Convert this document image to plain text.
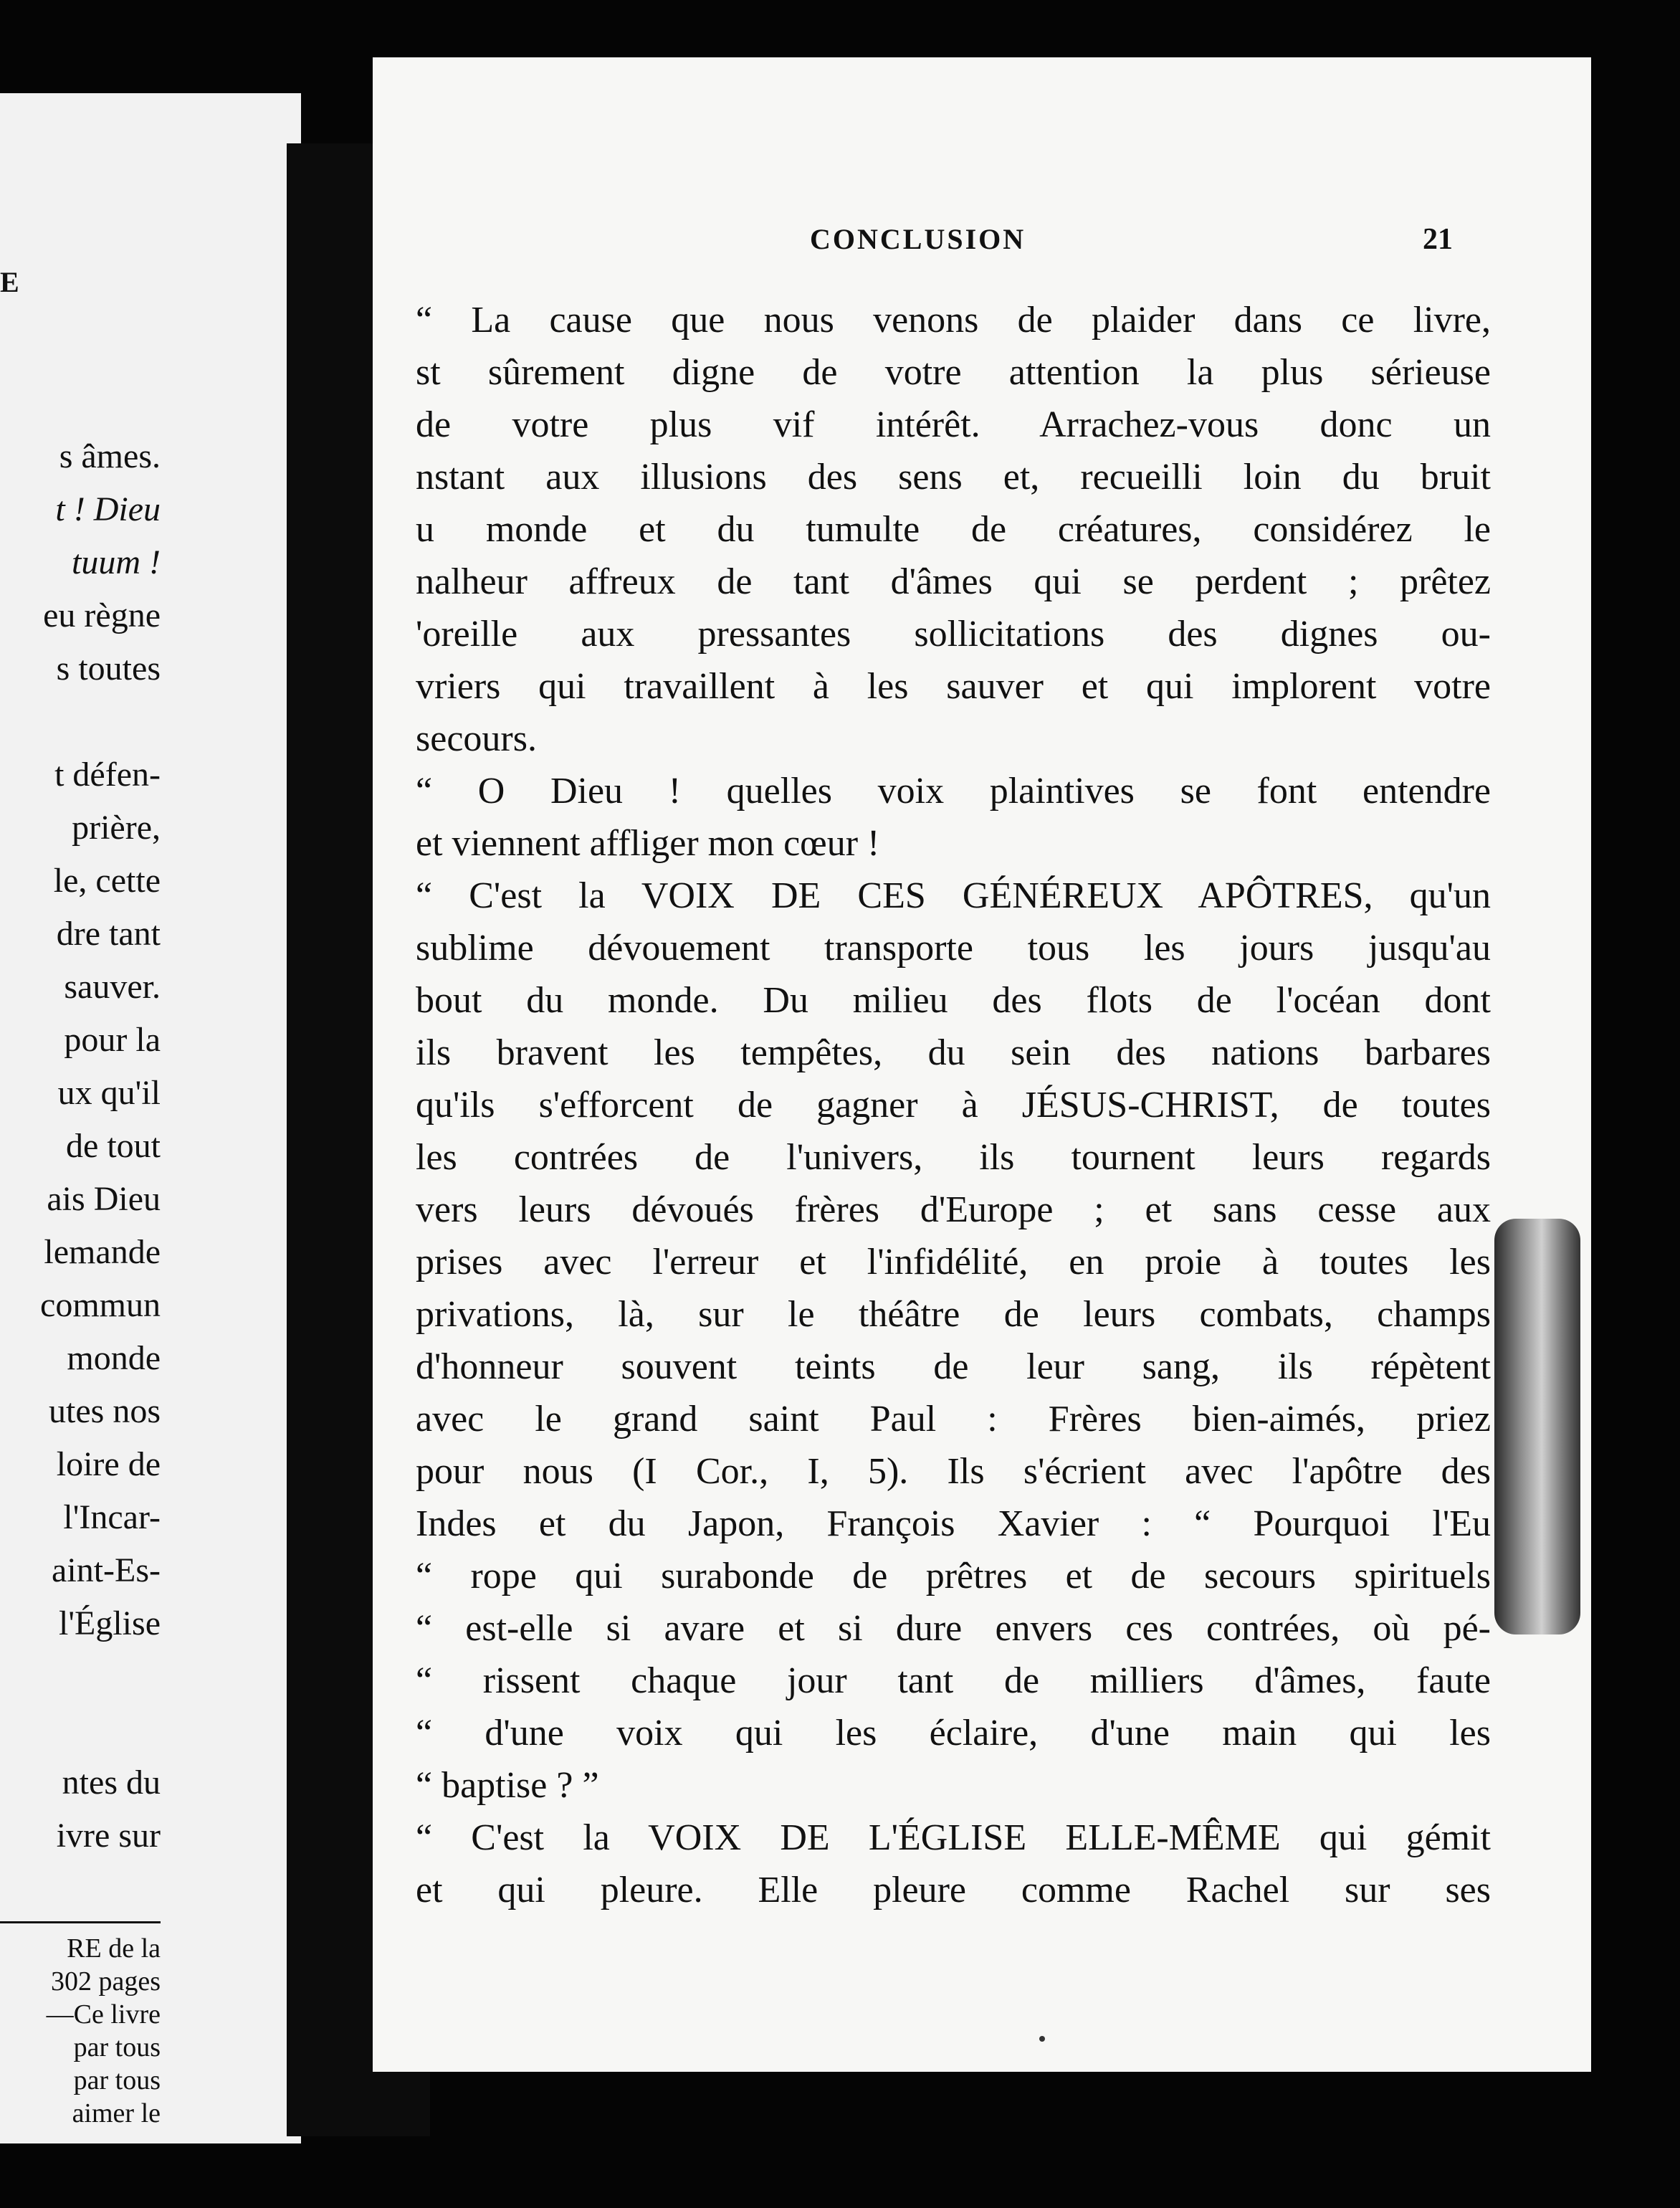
E
s âmes.
t ! Dieu
tuum !
eu règne
s toutes
t défen-
prière,
le, cette
dre tant
sauver.
pour la
ux qu'il
de tout
ais Dieu
lemande
commun
monde
utes nos
loire de
l'Incar-
aint-Es-
l'Église
ntes du
ivre sur
RE de la
302 pages
—Ce livre
par tous
par tous
aimer le
CONCLUSION	21
“ La cause que nous venons de plaider dans ce livre,
st sûrement digne de votre attention la plus sérieuse
de votre plus vif intérêt. Arrachez-vous donc un
nstant aux illusions des sens et, recueilli loin du bruit
u monde et du tumulte de créatures, considérez le
nalheur affreux de tant d'âmes qui se perdent ; prêtez
'oreille aux pressantes sollicitations des dignes ou-
vriers qui travaillent à les sauver et qui implorent votre
secours.
“ O Dieu ! quelles voix plaintives se font entendre
et viennent affliger mon cœur !
“ C'est la VOIX DE CES GÉNÉREUX APÔTRES, qu'un
sublime dévouement transporte tous les jours jusqu'au
bout du monde. Du milieu des flots de l'océan dont
ils bravent les tempêtes, du sein des nations barbares
qu'ils s'efforcent de gagner à JÉSUS-CHRIST, de toutes
les contrées de l'univers, ils tournent leurs regards
vers leurs dévoués frères d'Europe ; et sans cesse aux
prises avec l'erreur et l'infidélité, en proie à toutes les
privations, là, sur le théâtre de leurs combats, champs
d'honneur souvent teints de leur sang, ils répètent
avec le grand saint Paul : Frères bien-aimés, priez
pour nous (I Cor., I, 5). Ils s'écrient avec l'apôtre des
Indes et du Japon, François Xavier : “ Pourquoi l'Eu
“ rope qui surabonde de prêtres et de secours spirituels
“ est-elle si avare et si dure envers ces contrées, où pé-
“ rissent chaque jour tant de milliers d'âmes, faute
“ d'une voix qui les éclaire, d'une main qui les
“ baptise ? ”
“ C'est la VOIX DE L'ÉGLISE ELLE-MÊME qui gémit
et qui pleure. Elle pleure comme Rachel sur ses
